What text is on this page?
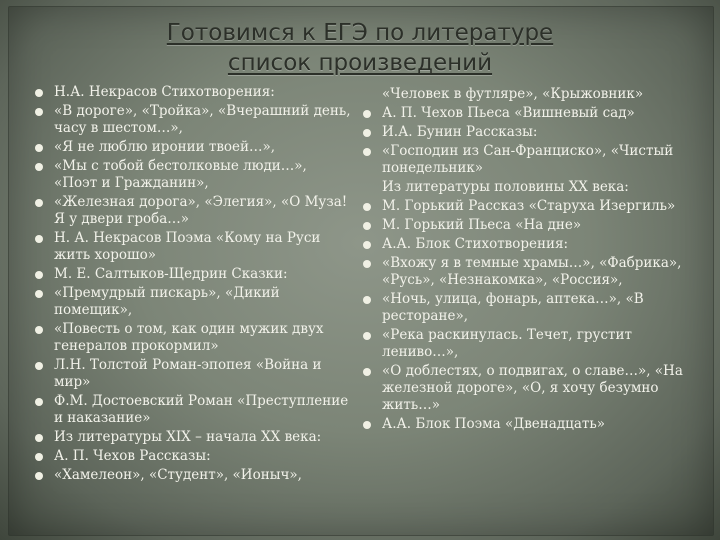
Готовимся к ЕГЭ по литературе
список произведений
Н.А. Некрасов Стихотворения:
«В дороге», «Тройка», «Вчерашний день, часу в шестом…»,
«Я не люблю иронии твоей…»,
«Мы с тобой бестолковые люди…», «Поэт и Гражданин»,
«Железная дорога», «Элегия», «О Муза! Я у двери гроба…»
Н. А. Некрасов Поэма «Кому на Руси жить хорошо»
М. Е. Салтыков-Щедрин Сказки:
«Премудрый пискарь», «Дикий помещик»,
«Повесть о том, как один мужик двух генералов прокормил»
Л.Н. Толстой Роман-эпопея «Война и мир»
Ф.М. Достоевский Роман «Преступление и наказание»
Из литературы XIX – начала XX века:
А. П. Чехов Рассказы:
«Хамелеон», «Студент», «Ионыч»,
«Человек в футляре», «Крыжовник»
А. П. Чехов Пьеса «Вишневый сад»
И.А. Бунин Рассказы:
«Господин из Сан-Франциско», «Чистый понедельник»
Из литературы половины XX века:
М. Горький Рассказ «Старуха Изергиль»
М. Горький Пьеса «На дне»
А.А. Блок Стихотворения:
«Вхожу я в темные храмы…», «Фабрика», «Русь», «Незнакомка», «Россия»,
«Ночь, улица, фонарь, аптека…», «В ресторане»,
«Река раскинулась. Течет, грустит лениво…»,
«О доблестях, о подвигах, о славе…», «На железной дороге», «О, я хочу безумно жить…»
А.А. Блок Поэма «Двенадцать»
